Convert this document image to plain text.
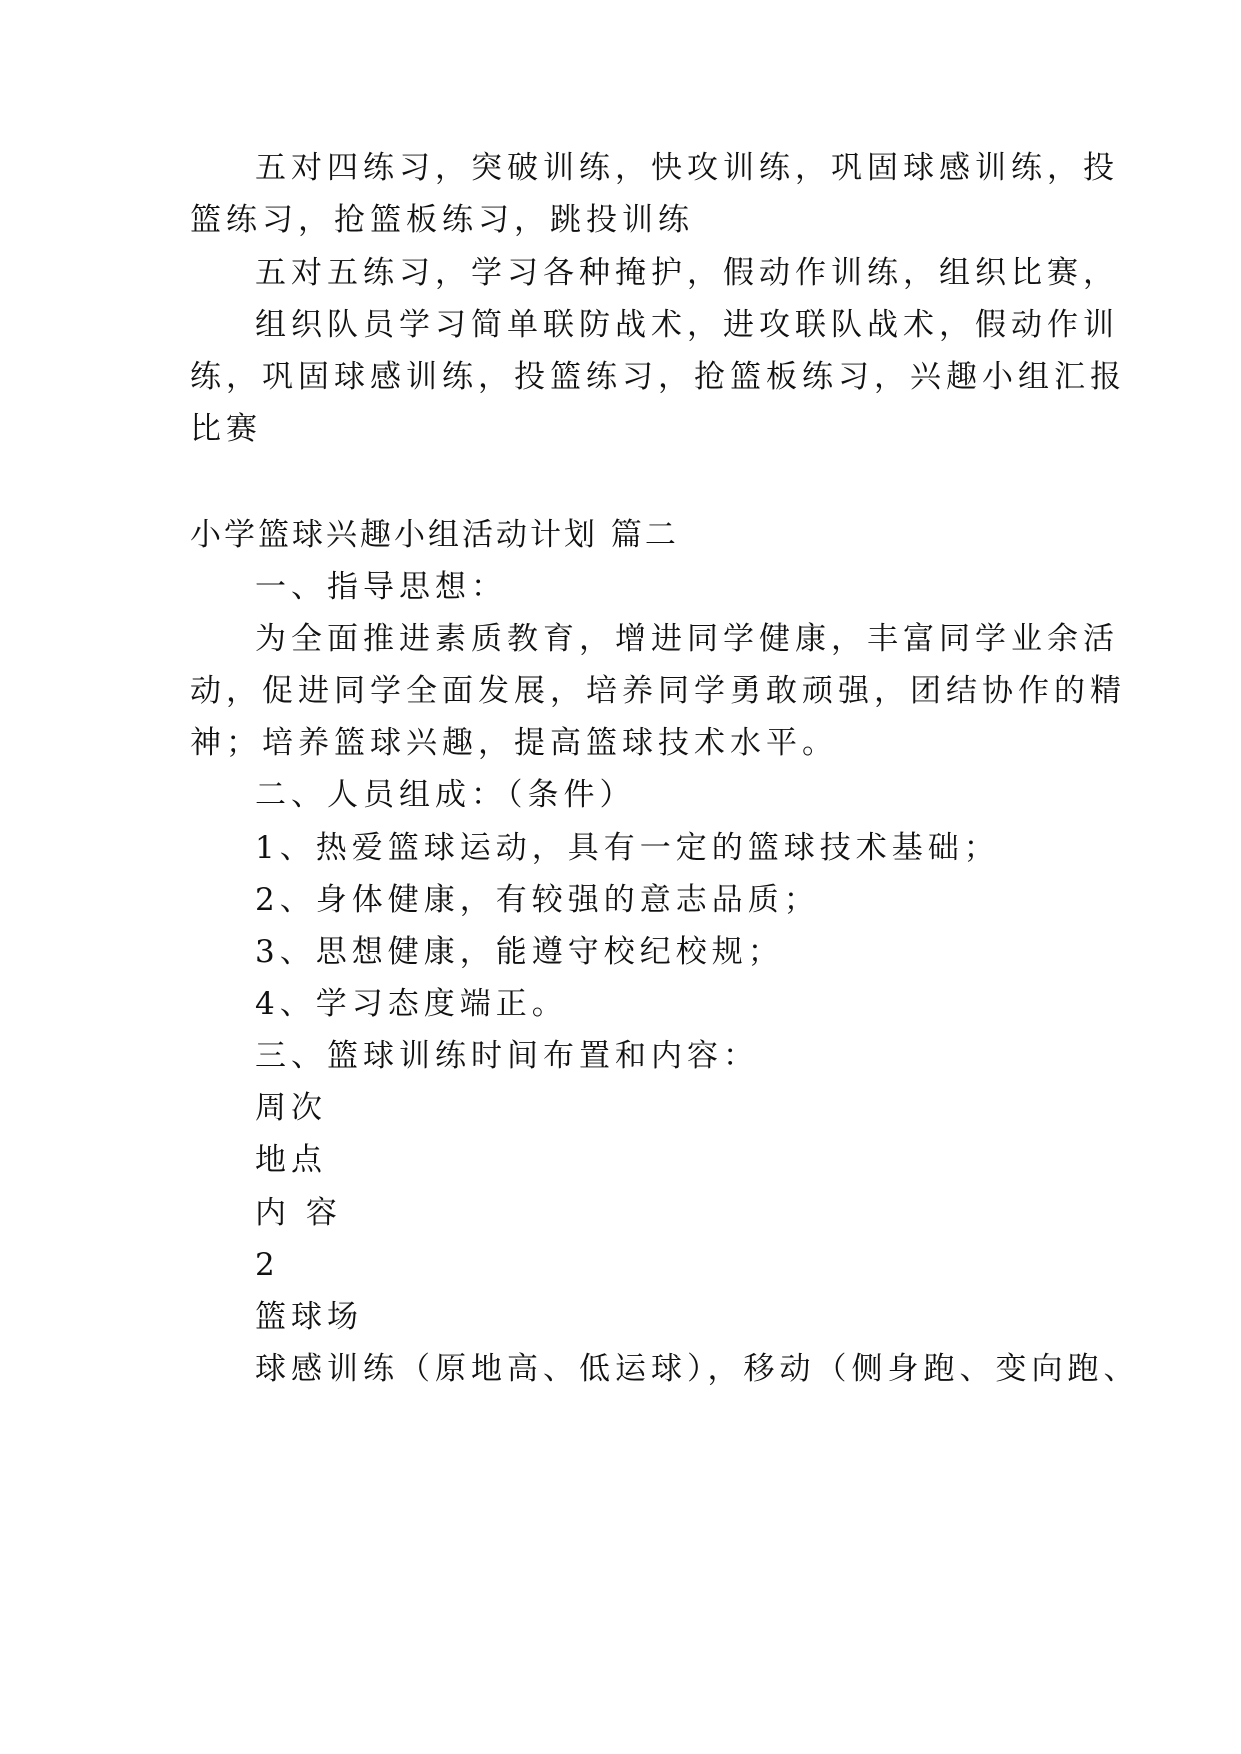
五对四练习，突破训练，快攻训练，巩固球感训练，投
篮练习，抢篮板练习，跳投训练
五对五练习，学习各种掩护，假动作训练，组织比赛，
组织队员学习简单联防战术，进攻联队战术，假动作训
练，巩固球感训练，投篮练习，抢篮板练习，兴趣小组汇报
比赛
小学篮球兴趣小组活动计划 篇二
一、指导思想：
为全面推进素质教育，增进同学健康，丰富同学业余活
动，促进同学全面发展，培养同学勇敢顽强，团结协作的精
神；培养篮球兴趣，提高篮球技术水平。
二、人员组成：（条件）
1、热爱篮球运动，具有一定的篮球技术基础；
2、身体健康，有较强的意志品质；
3、思想健康，能遵守校纪校规；
4、学习态度端正。
三、篮球训练时间布置和内容：
周次
地点
内 容
2
篮球场
球感训练（原地高、低运球），移动（侧身跑、变向跑、
